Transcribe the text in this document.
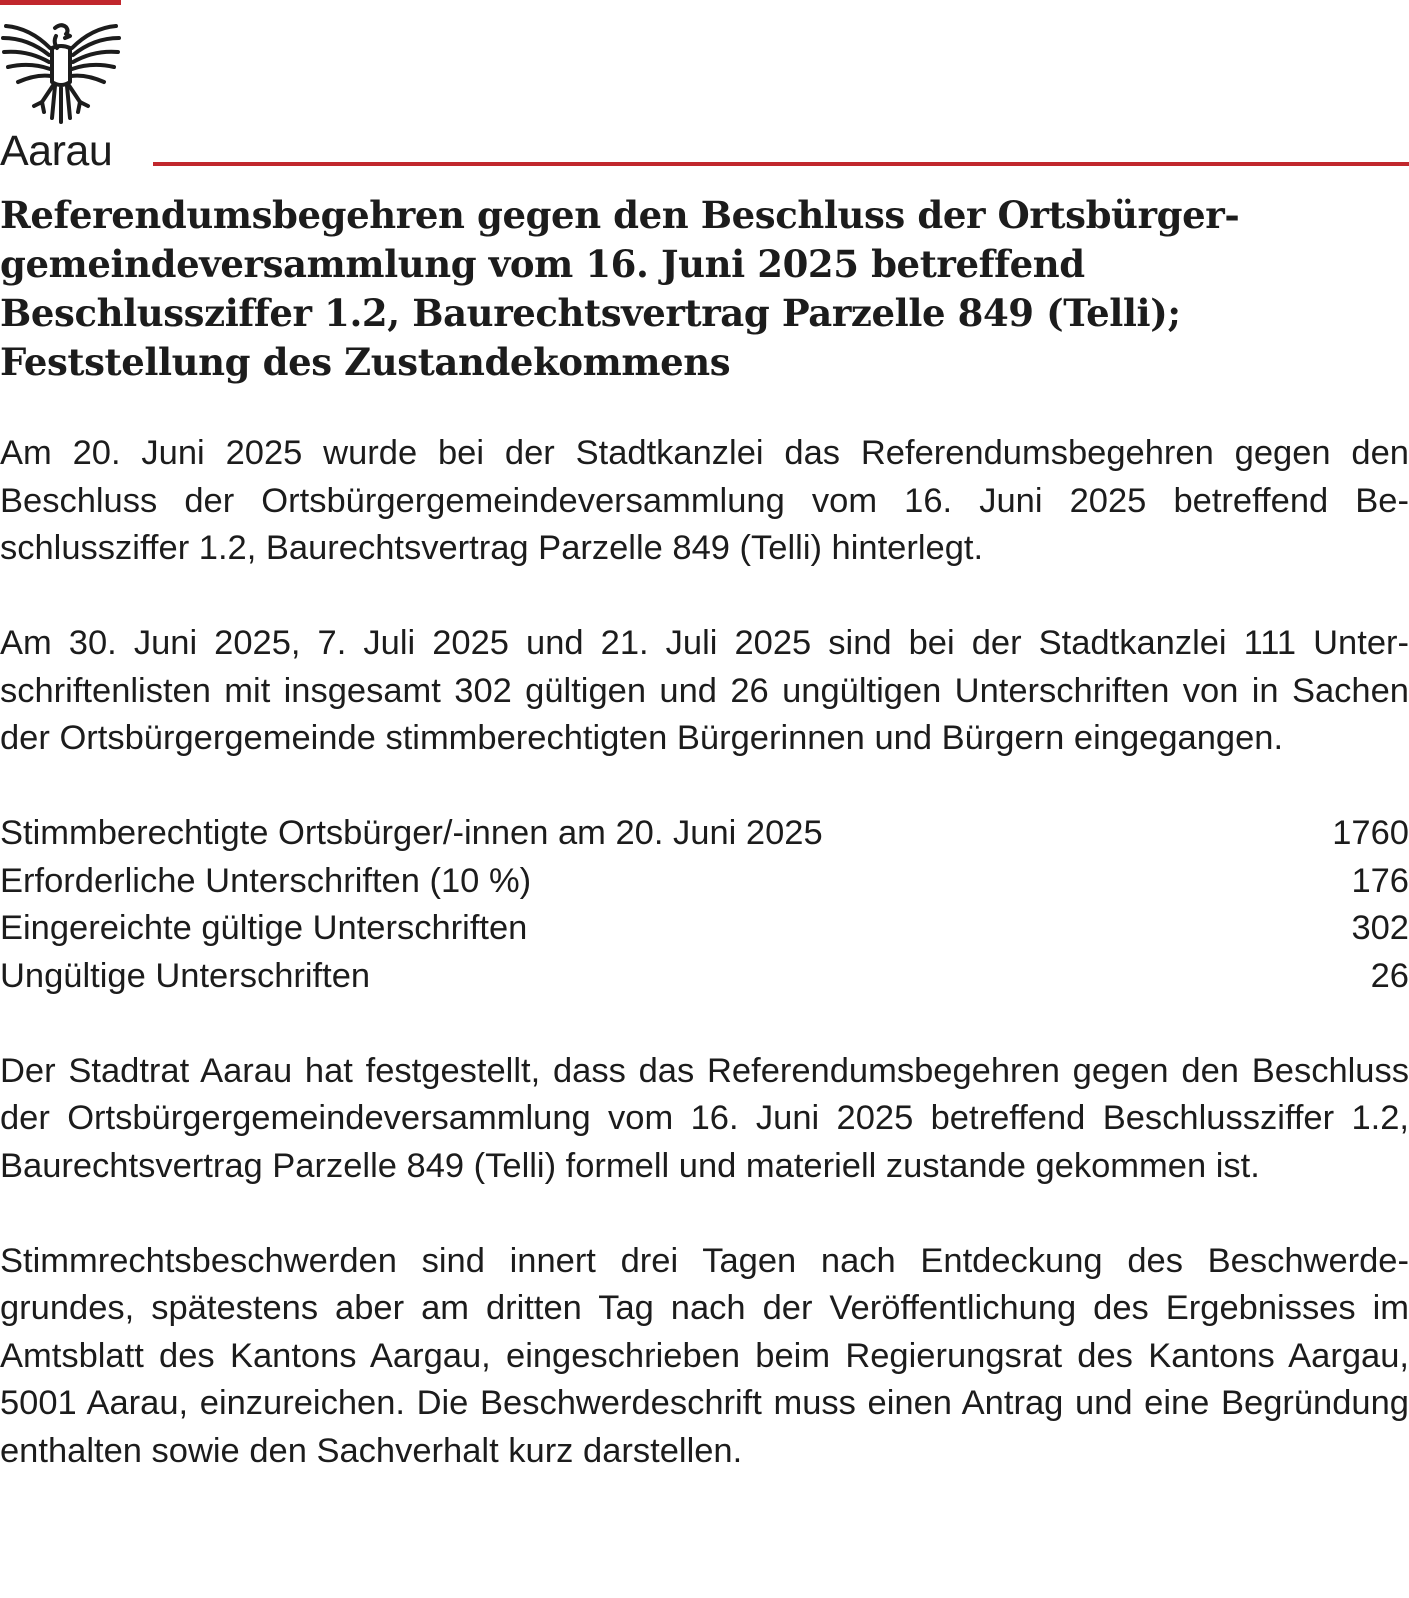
Aarau
Referendumsbegehren gegen den Beschluss der Ortsbürger-
gemeindeversammlung vom 16. Juni 2025 betreffend
Beschlussziffer 1.2, Baurechtsvertrag Parzelle 849 (Telli);
Feststellung des Zustandekommens

Am 20. Juni 2025 wurde bei der Stadtkanzlei das Referendumsbegehren gegen den Beschluss der Ortsbürgergemeindeversammlung vom 16. Juni 2025 betreffend Beschlussziffer 1.2, Baurechtsvertrag Parzelle 849 (Telli) hinterlegt.

Am 30. Juni 2025, 7. Juli 2025 und 21. Juli 2025 sind bei der Stadtkanzlei 111 Unterschriftenlisten mit insgesamt 302 gültigen und 26 ungültigen Unterschriften von in Sachen der Ortsbürgergemeinde stimmberechtigten Bürgerinnen und Bürgern eingegangen.

Stimmberechtigte Ortsbürger/-innen am 20. Juni 2025	1760
Erforderliche Unterschriften (10 %)	176
Eingereichte gültige Unterschriften	302
Ungültige Unterschriften	26

Der Stadtrat Aarau hat festgestellt, dass das Referendumsbegehren gegen den Beschluss der Ortsbürgergemeindeversammlung vom 16. Juni 2025 betreffend Beschlussziffer 1.2, Baurechtsvertrag Parzelle 849 (Telli) formell und materiell zustande gekommen ist.

Stimmrechtsbeschwerden sind innert drei Tagen nach Entdeckung des Beschwerdegrundes, spätestens aber am dritten Tag nach der Veröffentlichung des Ergebnisses im Amtsblatt des Kantons Aargau, eingeschrieben beim Regierungsrat des Kantons Aargau, 5001 Aarau, einzureichen. Die Beschwerdeschrift muss einen Antrag und eine Begründung enthalten sowie den Sachverhalt kurz darstellen.
